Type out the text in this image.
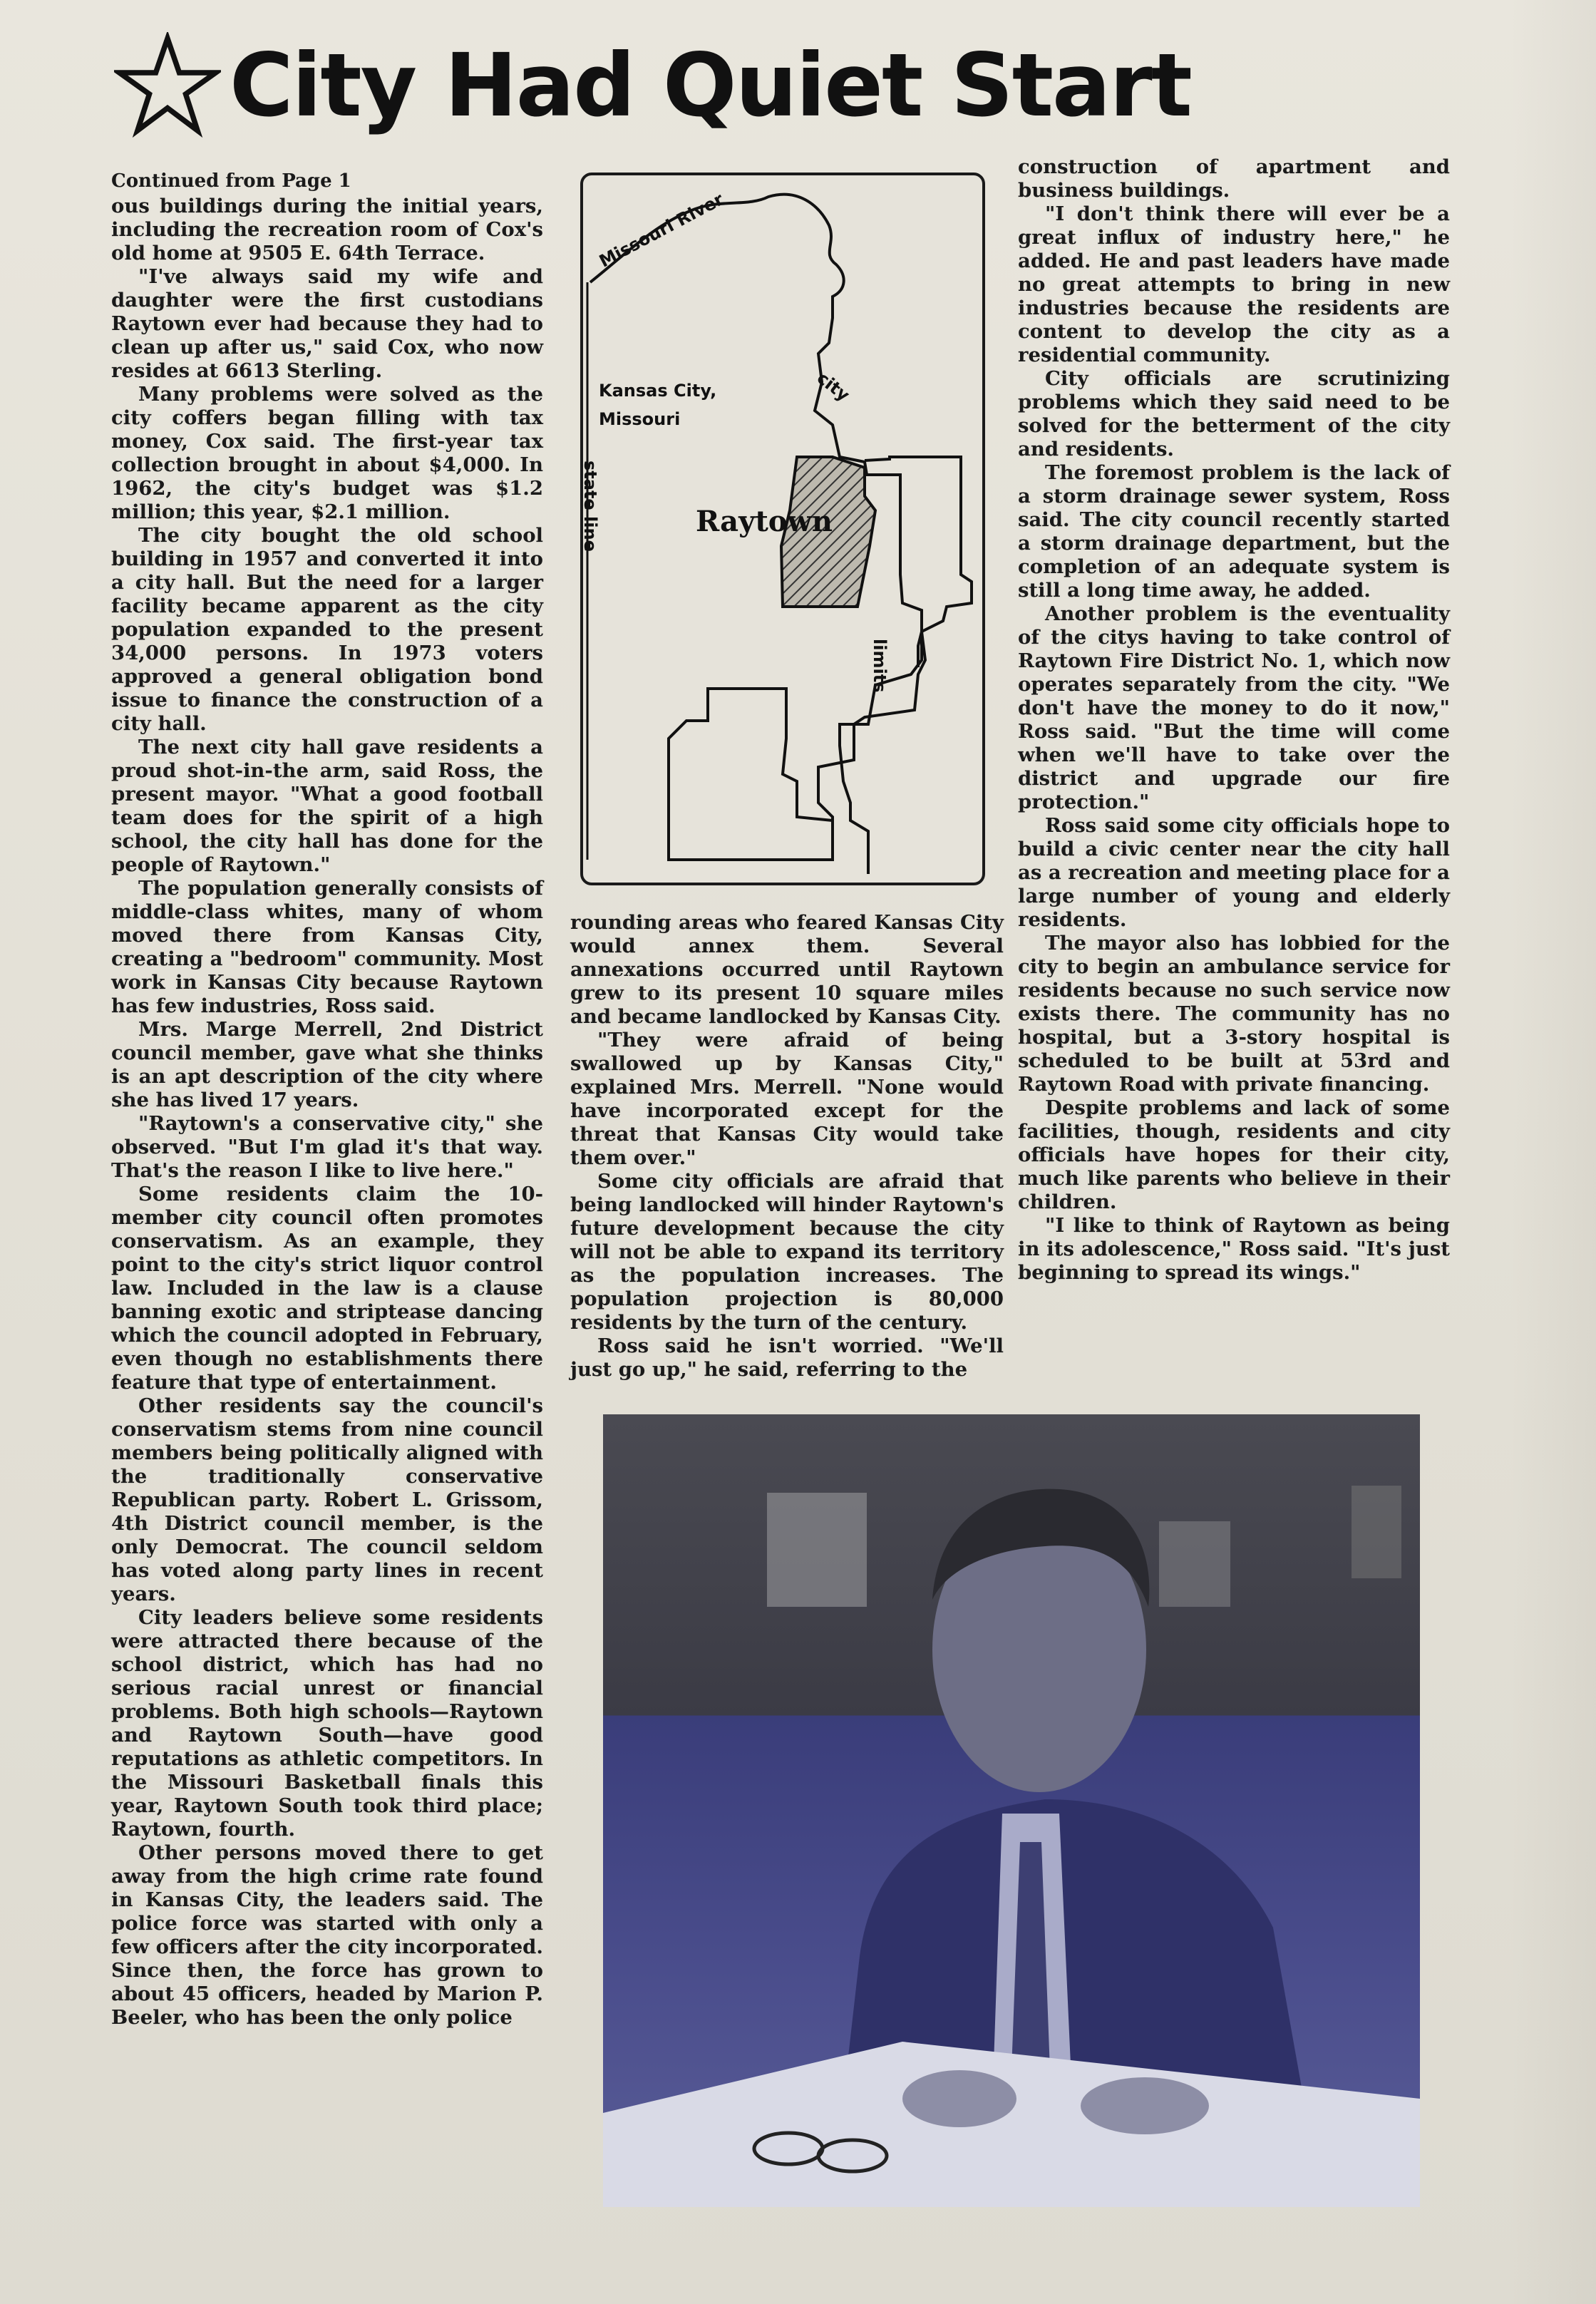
City Had Quiet Start
Continued from Page 1

ous buildings during the initial years, including the recreation room of Cox's old home at 9505 E. 64th Terrace.

"I've always said my wife and daughter were the first custodians Raytown ever had because they had to clean up after us," said Cox, who now resides at 6613 Sterling.

Many problems were solved as the city coffers began filling with tax money, Cox said. The first-year tax collection brought in about $4,000. In 1962, the city's budget was $1.2 million; this year, $2.1 million.

The city bought the old school building in 1957 and converted it into a city hall. But the need for a larger facility became apparent as the city population expanded to the present 34,000 persons. In 1973 voters approved a general obligation bond issue to finance the construction of a city hall.

The next city hall gave residents a proud shot-in-the arm, said Ross, the present mayor. "What a good football team does for the spirit of a high school, the city hall has done for the people of Raytown."

The population generally consists of middle-class whites, many of whom moved there from Kansas City, creating a "bedroom" community. Most work in Kansas City because Raytown has few industries, Ross said.

Mrs. Marge Merrell, 2nd District council member, gave what she thinks is an apt description of the city where she has lived 17 years.

"Raytown's a conservative city," she observed. "But I'm glad it's that way. That's the reason I like to live here."

Some residents claim the 10-member city council often promotes conservatism. As an example, they point to the city's strict liquor control law. Included in the law is a clause banning exotic and striptease dancing which the council adopted in February, even though no establishments there feature that type of entertainment.

Other residents say the council's conservatism stems from nine council members being politically aligned with the traditionally conservative Republican party. Robert L. Grissom, 4th District council member, is the only Democrat. The council seldom has voted along party lines in recent years.

City leaders believe some residents were attracted there because of the school district, which has had no serious racial unrest or financial problems. Both high schools—Raytown and Raytown South—have good reputations as athletic competitors. In the Missouri Basketball finals this year, Raytown South took third place; Raytown, fourth.

Other persons moved there to get away from the high crime rate found in Kansas City, the leaders said. The police force was started with only a few officers after the city incorporated. Since then, the force has grown to about 45 officers, headed by Marion P. Beeler, who has been the only police

Missouri River
Kansas City,
Missouri
Raytown
state line
city
limits

rounding areas who feared Kansas City would annex them. Several annexations occurred until Raytown grew to its present 10 square miles and became landlocked by Kansas City.

"They were afraid of being swallowed up by Kansas City," explained Mrs. Merrell. "None would have incorporated except for the threat that Kansas City would take them over."

Some city officials are afraid that being landlocked will hinder Raytown's future development because the city will not be able to expand its territory as the population increases. The population projection is 80,000 residents by the turn of the century.

Ross said he isn't worried. "We'll just go up," he said, referring to the

construction of apartment and business buildings.

"I don't think there will ever be a great influx of industry here," he added. He and past leaders have made no great attempts to bring in new industries because the residents are content to develop the city as a residential community.

City officials are scrutinizing problems which they said need to be solved for the betterment of the city and residents.

The foremost problem is the lack of a storm drainage sewer system, Ross said. The city council recently started a storm drainage department, but the completion of an adequate system is still a long time away, he added.

Another problem is the eventuality of the citys having to take control of Raytown Fire District No. 1, which now operates separately from the city. "We don't have the money to do it now," Ross said. "But the time will come when we'll have to take over the district and upgrade our fire protection."

Ross said some city officials hope to build a civic center near the city hall as a recreation and meeting place for a large number of young and elderly residents.

The mayor also has lobbied for the city to begin an ambulance service for residents because no such service now exists there. The community has no hospital, but a 3-story hospital is scheduled to be built at 53rd and Raytown Road with private financing.

Despite problems and lack of some facilities, though, residents and city officials have hopes for their city, much like parents who believe in their children.

"I like to think of Raytown as being in its adolescence," Ross said. "It's just beginning to spread its wings."
